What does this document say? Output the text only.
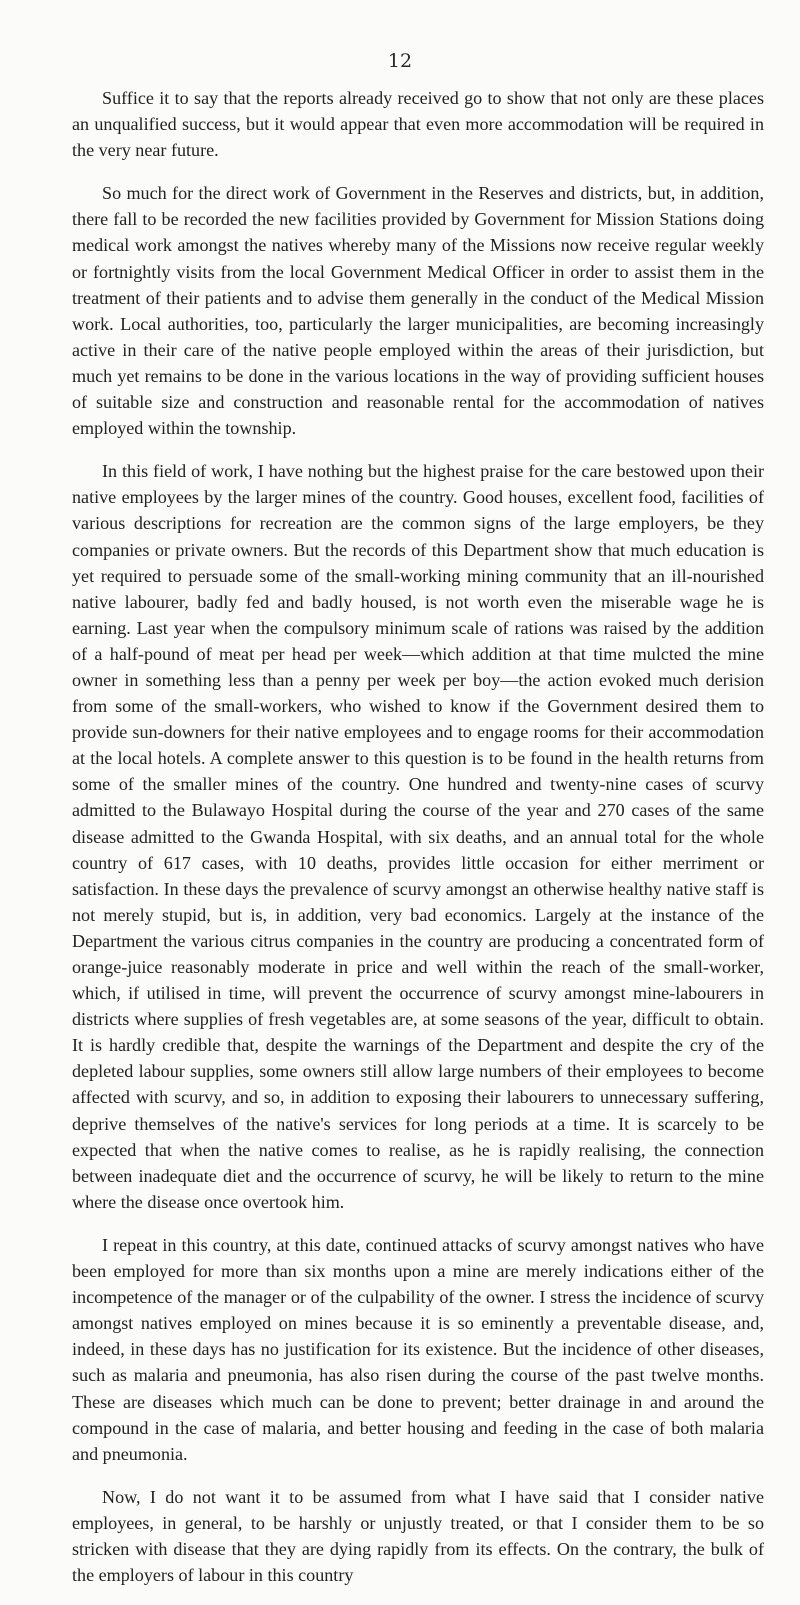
12

Suffice it to say that the reports already received go to show that not only are these places an unqualified success, but it would appear that even more accommodation will be required in the very near future.

So much for the direct work of Government in the Reserves and districts, but, in addition, there fall to be recorded the new facilities provided by Government for Mission Stations doing medical work amongst the natives whereby many of the Missions now receive regular weekly or fortnightly visits from the local Government Medical Officer in order to assist them in the treatment of their patients and to advise them generally in the conduct of the Medical Mission work. Local authorities, too, particularly the larger municipalities, are becoming increasingly active in their care of the native people employed within the areas of their jurisdiction, but much yet remains to be done in the various locations in the way of providing sufficient houses of suitable size and construction and reasonable rental for the accommodation of natives employed within the township.

In this field of work, I have nothing but the highest praise for the care bestowed upon their native employees by the larger mines of the country. Good houses, excellent food, facilities of various descriptions for recreation are the common signs of the large employers, be they companies or private owners. But the records of this Department show that much education is yet required to persuade some of the small-working mining community that an ill-nourished native labourer, badly fed and badly housed, is not worth even the miserable wage he is earning. Last year when the compulsory minimum scale of rations was raised by the addition of a half-pound of meat per head per week—which addition at that time mulcted the mine owner in something less than a penny per week per boy—the action evoked much derision from some of the small-workers, who wished to know if the Government desired them to provide sun-downers for their native employees and to engage rooms for their accommodation at the local hotels. A complete answer to this question is to be found in the health returns from some of the smaller mines of the country. One hundred and twenty-nine cases of scurvy admitted to the Bulawayo Hospital during the course of the year and 270 cases of the same disease admitted to the Gwanda Hospital, with six deaths, and an annual total for the whole country of 617 cases, with 10 deaths, provides little occasion for either merriment or satisfaction. In these days the prevalence of scurvy amongst an otherwise healthy native staff is not merely stupid, but is, in addition, very bad economics. Largely at the instance of the Department the various citrus companies in the country are producing a concentrated form of orange-juice reasonably moderate in price and well within the reach of the small-worker, which, if utilised in time, will prevent the occurrence of scurvy amongst mine-labourers in districts where supplies of fresh vegetables are, at some seasons of the year, difficult to obtain. It is hardly credible that, despite the warnings of the Department and despite the cry of the depleted labour supplies, some owners still allow large numbers of their employees to become affected with scurvy, and so, in addition to exposing their labourers to unnecessary suffering, deprive themselves of the native's services for long periods at a time. It is scarcely to be expected that when the native comes to realise, as he is rapidly realising, the connection between inadequate diet and the occurrence of scurvy, he will be likely to return to the mine where the disease once overtook him.

I repeat in this country, at this date, continued attacks of scurvy amongst natives who have been employed for more than six months upon a mine are merely indications either of the incompetence of the manager or of the culpability of the owner. I stress the incidence of scurvy amongst natives employed on mines because it is so eminently a preventable disease, and, indeed, in these days has no justification for its existence. But the incidence of other diseases, such as malaria and pneumonia, has also risen during the course of the past twelve months. These are diseases which much can be done to prevent; better drainage in and around the compound in the case of malaria, and better housing and feeding in the case of both malaria and pneumonia.

Now, I do not want it to be assumed from what I have said that I consider native employees, in general, to be harshly or unjustly treated, or that I consider them to be so stricken with disease that they are dying rapidly from its effects. On the contrary, the bulk of the employers of labour in this country
